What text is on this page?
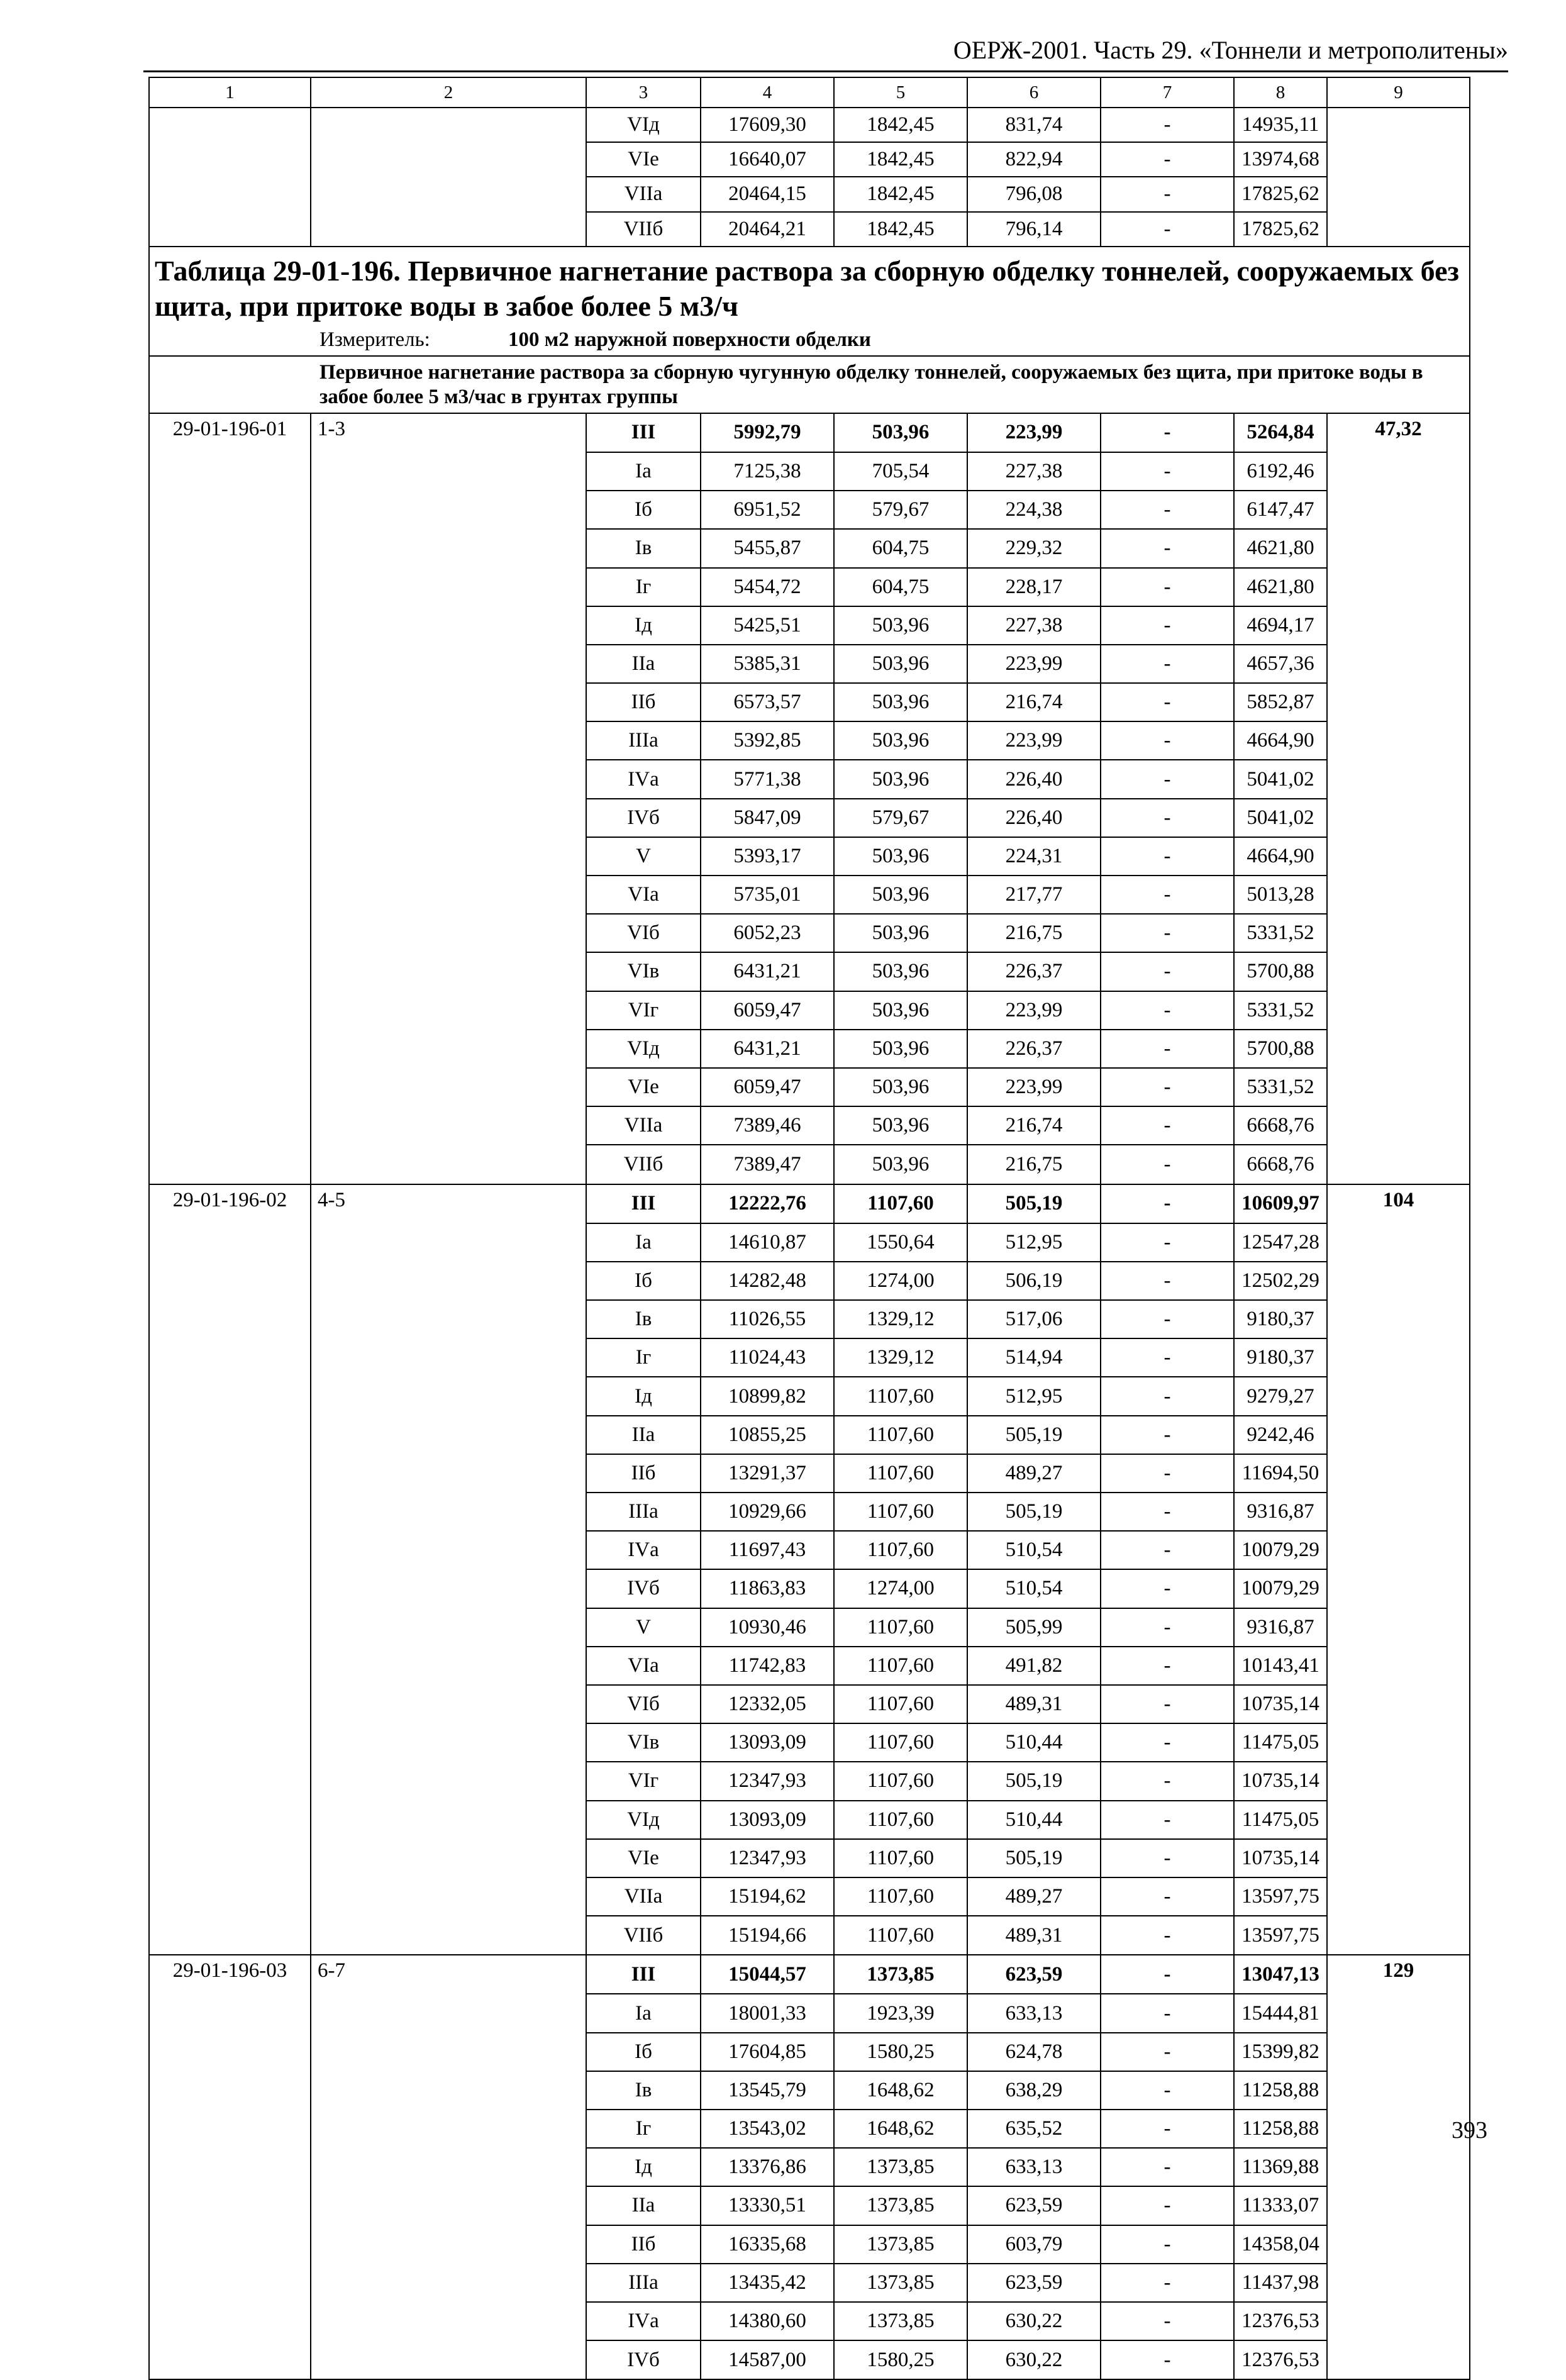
ОЕРЖ-2001. Часть 29. «Тоннели и метрополитены»
1	2	3	4	5	6	7	8	9
		VIд	17609,30	1842,45	831,74	-	14935,11	
		VIе	16640,07	1842,45	822,94	-	13974,68	
		VIIа	20464,15	1842,45	796,08	-	17825,62	
		VIIб	20464,21	1842,45	796,14	-	17825,62	

Таблица 29-01-196. Первичное нагнетание раствора за сборную обделку тоннелей, сооружаемых без щита, при притоке воды в забое более 5 м3/ч
Измеритель: 100 м2 наружной поверхности обделки								

Первичное нагнетание раствора за сборную чугунную обделку тоннелей, сооружаемых без щита, при притоке воды в забое более 5 м3/час в грунтах группы								

29-01-196-01	1-3	III	5992,79	503,96	223,99	-	5264,84	47,32
		Iа	7125,38	705,54	227,38	-	6192,46	
		Iб	6951,52	579,67	224,38	-	6147,47	
		Iв	5455,87	604,75	229,32	-	4621,80	
		Iг	5454,72	604,75	228,17	-	4621,80	
		Iд	5425,51	503,96	227,38	-	4694,17	
		IIа	5385,31	503,96	223,99	-	4657,36	
		IIб	6573,57	503,96	216,74	-	5852,87	
		IIIа	5392,85	503,96	223,99	-	4664,90	
		IVа	5771,38	503,96	226,40	-	5041,02	
		IVб	5847,09	579,67	226,40	-	5041,02	
		V	5393,17	503,96	224,31	-	4664,90	
		VIа	5735,01	503,96	217,77	-	5013,28	
		VIб	6052,23	503,96	216,75	-	5331,52	
		VIв	6431,21	503,96	226,37	-	5700,88	
		VIг	6059,47	503,96	223,99	-	5331,52	
		VIд	6431,21	503,96	226,37	-	5700,88	
		VIе	6059,47	503,96	223,99	-	5331,52	
		VIIа	7389,46	503,96	216,74	-	6668,76	
		VIIб	7389,47	503,96	216,75	-	6668,76	
29-01-196-02	4-5	III	12222,76	1107,60	505,19	-	10609,97	104
		Iа	14610,87	1550,64	512,95	-	12547,28	
		Iб	14282,48	1274,00	506,19	-	12502,29	
		Iв	11026,55	1329,12	517,06	-	9180,37	
		Iг	11024,43	1329,12	514,94	-	9180,37	
		Iд	10899,82	1107,60	512,95	-	9279,27	
		IIа	10855,25	1107,60	505,19	-	9242,46	
		IIб	13291,37	1107,60	489,27	-	11694,50	
		IIIа	10929,66	1107,60	505,19	-	9316,87	
		IVа	11697,43	1107,60	510,54	-	10079,29	
		IVб	11863,83	1274,00	510,54	-	10079,29	
		V	10930,46	1107,60	505,99	-	9316,87	
		VIа	11742,83	1107,60	491,82	-	10143,41	
		VIб	12332,05	1107,60	489,31	-	10735,14	
		VIв	13093,09	1107,60	510,44	-	11475,05	
		VIг	12347,93	1107,60	505,19	-	10735,14	
		VIд	13093,09	1107,60	510,44	-	11475,05	
		VIе	12347,93	1107,60	505,19	-	10735,14	
		VIIа	15194,62	1107,60	489,27	-	13597,75	
		VIIб	15194,66	1107,60	489,31	-	13597,75	
29-01-196-03	6-7	III	15044,57	1373,85	623,59	-	13047,13	129
		Iа	18001,33	1923,39	633,13	-	15444,81	
		Iб	17604,85	1580,25	624,78	-	15399,82	
		Iв	13545,79	1648,62	638,29	-	11258,88	
		Iг	13543,02	1648,62	635,52	-	11258,88	
		Iд	13376,86	1373,85	633,13	-	11369,88	
		IIа	13330,51	1373,85	623,59	-	11333,07	
		IIб	16335,68	1373,85	603,79	-	14358,04	
		IIIа	13435,42	1373,85	623,59	-	11437,98	
		IVа	14380,60	1373,85	630,22	-	12376,53	
		IVб	14587,00	1580,25	630,22	-	12376,53	
393
